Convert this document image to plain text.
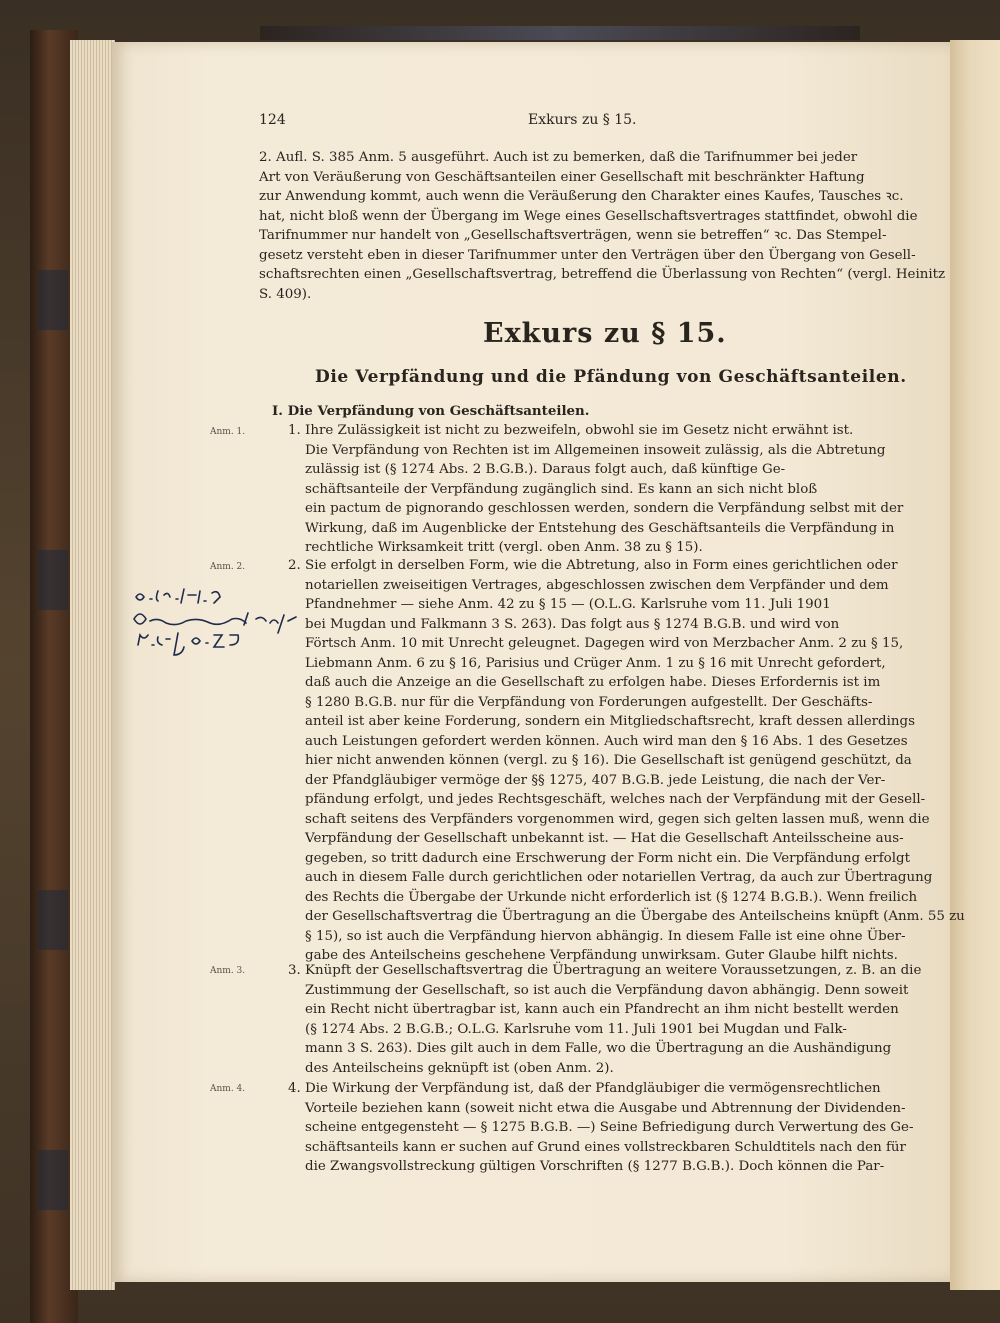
124	Exkurs zu § 15.
2. Aufl. S. 385 Anm. 5 ausgeführt. Auch ist zu bemerken, daß die Tarifnummer bei jeder
Art von Veräußerung von Geschäftsanteilen einer Gesellschaft mit beschränkter Haftung
zur Anwendung kommt, auch wenn die Veräußerung den Charakter eines Kaufes, Tausches ꝛc.
hat, nicht bloß wenn der Übergang im Wege eines Gesellschaftsvertrages stattfindet, obwohl die
Tarifnummer nur handelt von „Gesellschaftsverträgen, wenn sie betreffen“ ꝛc. Das Stempel-
gesetz versteht eben in dieser Tarifnummer unter den Verträgen über den Übergang von Gesell-
schaftsrechten einen „Gesellschaftsvertrag, betreffend die Überlassung von Rechten“ (vergl. Heinitz
S. 409).
Exkurs zu § 15.
Die Verpfändung und die Pfändung von Geschäftsanteilen.
I. Die Verpfändung von Geschäftsanteilen.
Anm. 1.
Anm. 2.
Anm. 3.
Anm. 4.
1. Ihre Zulässigkeit ist nicht zu bezweifeln, obwohl sie im Gesetz nicht erwähnt ist.
Die Verpfändung von Rechten ist im Allgemeinen insoweit zulässig, als die Abtretung
zulässig ist (§ 1274 Abs. 2 B.G.B.). Daraus folgt auch, daß künftige Ge-
schäftsanteile der Verpfändung zugänglich sind. Es kann an sich nicht bloß
ein pactum de pignorando geschlossen werden, sondern die Verpfändung selbst mit der
Wirkung, daß im Augenblicke der Entstehung des Geschäftsanteils die Verpfändung in
rechtliche Wirksamkeit tritt (vergl. oben Anm. 38 zu § 15).
2. Sie erfolgt in derselben Form, wie die Abtretung, also in Form eines gerichtlichen oder
notariellen zweiseitigen Vertrages, abgeschlossen zwischen dem Verpfänder und dem
Pfandnehmer — siehe Anm. 42 zu § 15 — (O.L.G. Karlsruhe vom 11. Juli 1901
bei Mugdan und Falkmann 3 S. 263). Das folgt aus § 1274 B.G.B. und wird von
Förtsch Anm. 10 mit Unrecht geleugnet. Dagegen wird von Merzbacher Anm. 2 zu § 15,
Liebmann Anm. 6 zu § 16, Parisius und Crüger Anm. 1 zu § 16 mit Unrecht gefordert,
daß auch die Anzeige an die Gesellschaft zu erfolgen habe. Dieses Erfordernis ist im
§ 1280 B.G.B. nur für die Verpfändung von Forderungen aufgestellt. Der Geschäfts-
anteil ist aber keine Forderung, sondern ein Mitgliedschaftsrecht, kraft dessen allerdings
auch Leistungen gefordert werden können. Auch wird man den § 16 Abs. 1 des Gesetzes
hier nicht anwenden können (vergl. zu § 16). Die Gesellschaft ist genügend geschützt, da
der Pfandgläubiger vermöge der §§ 1275, 407 B.G.B. jede Leistung, die nach der Ver-
pfändung erfolgt, und jedes Rechtsgeschäft, welches nach der Verpfändung mit der Gesell-
schaft seitens des Verpfänders vorgenommen wird, gegen sich gelten lassen muß, wenn die
Verpfändung der Gesellschaft unbekannt ist. — Hat die Gesellschaft Anteilsscheine aus-
gegeben, so tritt dadurch eine Erschwerung der Form nicht ein. Die Verpfändung erfolgt
auch in diesem Falle durch gerichtlichen oder notariellen Vertrag, da auch zur Übertragung
des Rechts die Übergabe der Urkunde nicht erforderlich ist (§ 1274 B.G.B.). Wenn freilich
der Gesellschaftsvertrag die Übertragung an die Übergabe des Anteilscheins knüpft (Anm. 55 zu
§ 15), so ist auch die Verpfändung hiervon abhängig. In diesem Falle ist eine ohne Über-
gabe des Anteilscheins geschehene Verpfändung unwirksam. Guter Glaube hilft nichts.
3. Knüpft der Gesellschaftsvertrag die Übertragung an weitere Voraussetzungen, z. B. an die
Zustimmung der Gesellschaft, so ist auch die Verpfändung davon abhängig. Denn soweit
ein Recht nicht übertragbar ist, kann auch ein Pfandrecht an ihm nicht bestellt werden
(§ 1274 Abs. 2 B.G.B.; O.L.G. Karlsruhe vom 11. Juli 1901 bei Mugdan und Falk-
mann 3 S. 263). Dies gilt auch in dem Falle, wo die Übertragung an die Aushändigung
des Anteilscheins geknüpft ist (oben Anm. 2).
4. Die Wirkung der Verpfändung ist, daß der Pfandgläubiger die vermögensrechtlichen
Vorteile beziehen kann (soweit nicht etwa die Ausgabe und Abtrennung der Dividenden-
scheine entgegensteht — § 1275 B.G.B. —) Seine Befriedigung durch Verwertung des Ge-
schäftsanteils kann er suchen auf Grund eines vollstreckbaren Schuldtitels nach den für
die Zwangsvollstreckung gültigen Vorschriften (§ 1277 B.G.B.). Doch können die Par-
